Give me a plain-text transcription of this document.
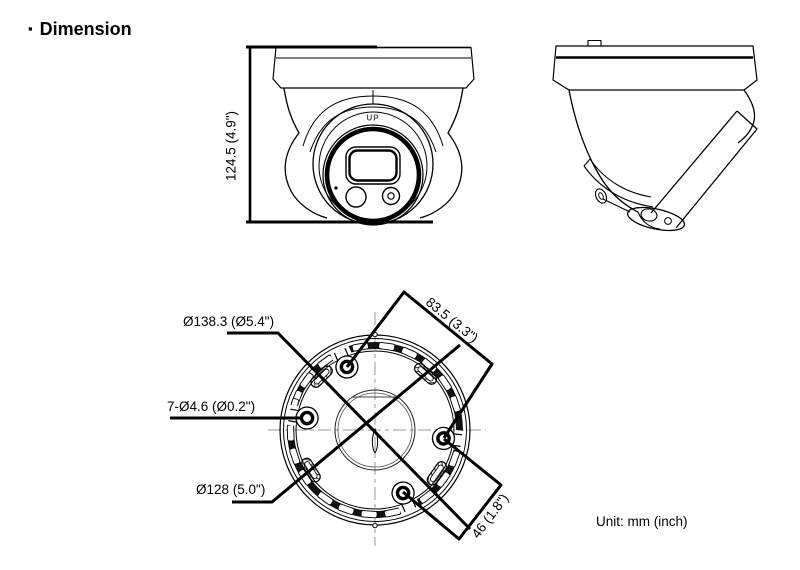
▪ Dimension
124.5 (4.9")	UP
Ø138.3 (Ø5.4")
7-Ø4.6 (Ø0.2")
Ø128 (5.0")
83.5 (3.3")
46 (1.8")	Unit: mm (inch)
